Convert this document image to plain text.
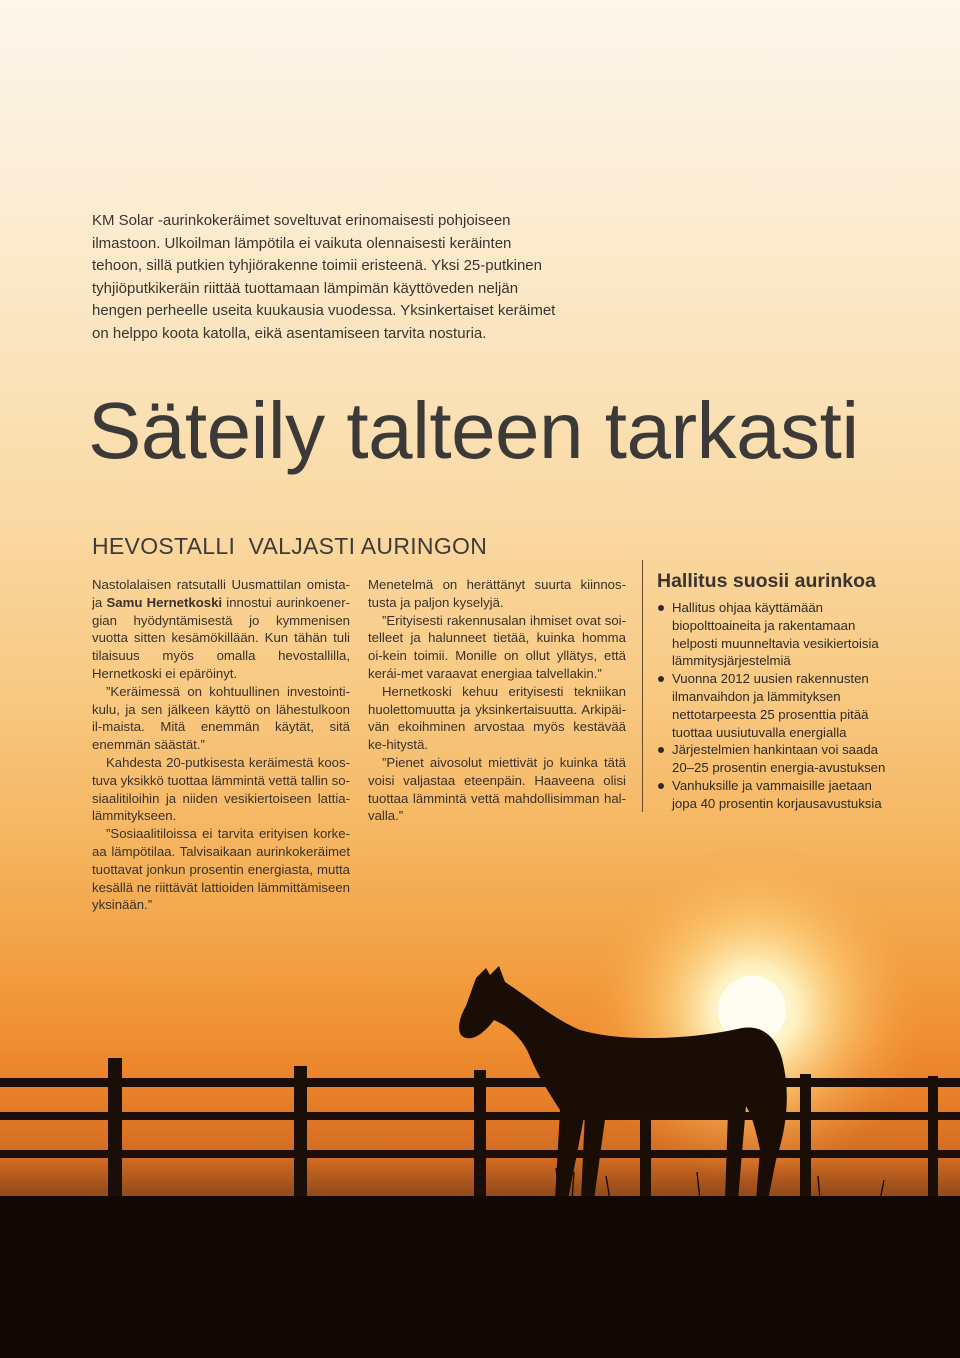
KM Solar -aurinkokeräimet soveltuvat erinomaisesti pohjoiseen ilmastoon. Ulkoilman lämpötila ei vaikuta olennaisesti keräinten tehoon, sillä putkien tyhjiörakenne toimii eristeenä. Yksi 25-putkinen tyhjiöputkikeräin riittää tuottamaan lämpimän käyttöveden neljän hengen perheelle useita kuukausia vuodessa. Yksinkertaiset keräimet on helppo koota katolla, eikä asentamiseen tarvita nosturia.

Säteily talteen tarkasti
HEVOSTALLI  VALJASTI AURINGON

Nastolalaisen ratsutalli Uusmattilan omista-ja Samu Hernetkoski innostui aurinkoener-gian hyödyntämisestä jo kymmenisen vuotta sitten kesämökillään. Kun tähän tuli tilaisuus myös omalla hevostallilla, Hernetkoski ei epäröinyt.

”Keräimessä on kohtuullinen investointi-kulu, ja sen jälkeen käyttö on lähestulkoon il-maista. Mitä enemmän käytät, sitä enemmän säästät.”

Kahdesta 20-putkisesta keräimestä koos-tuva yksikkö tuottaa lämmintä vettä tallin so-siaalitiloihin ja niiden vesikiertoiseen lattia-lämmitykseen.

”Sosiaalitiloissa ei tarvita erityisen korke-aa lämpötilaa. Talvisaikaan aurinkokeräimet tuottavat jonkun prosentin energiasta, mutta kesällä ne riittävät lattioiden lämmittämiseen yksinään.”

Menetelmä on herättänyt suurta kiinnos-tusta ja paljon kyselyjä.

”Erityisesti rakennusalan ihmiset ovat soi-telleet ja halunneet tietää, kuinka homma oi-kein toimii. Monille on ollut yllätys, että kerái-met varaavat energiaa talvellakin.”

Hernetkoski kehuu erityisesti tekniikan huolettomuutta ja yksinkertaisuutta. Arkipäi-vän ekoihminen arvostaa myös kestävää ke-hitystä.

”Pienet aivosolut miettivät jo kuinka tätä voisi valjastaa eteenpäin. Haaveena olisi tuottaa lämmintä vettä mahdollisimman hal-valla.”

Hallitus suosii aurinkoa
Hallitus ohjaa käyttämään biopolttoaineita ja rakentamaan helposti muunneltavia vesikiertoisia lämmitysjärjestelmiä
Vuonna 2012 uusien rakennusten ilmanvaihdon ja lämmityksen nettotarpeesta 25 prosenttia pitää tuottaa uusiutuvalla energialla
Järjestelmien hankintaan voi saada 20–25 prosentin energia-avustuksen
Vanhuksille ja vammaisille jaetaan jopa 40 prosentin korjausavustuksia
